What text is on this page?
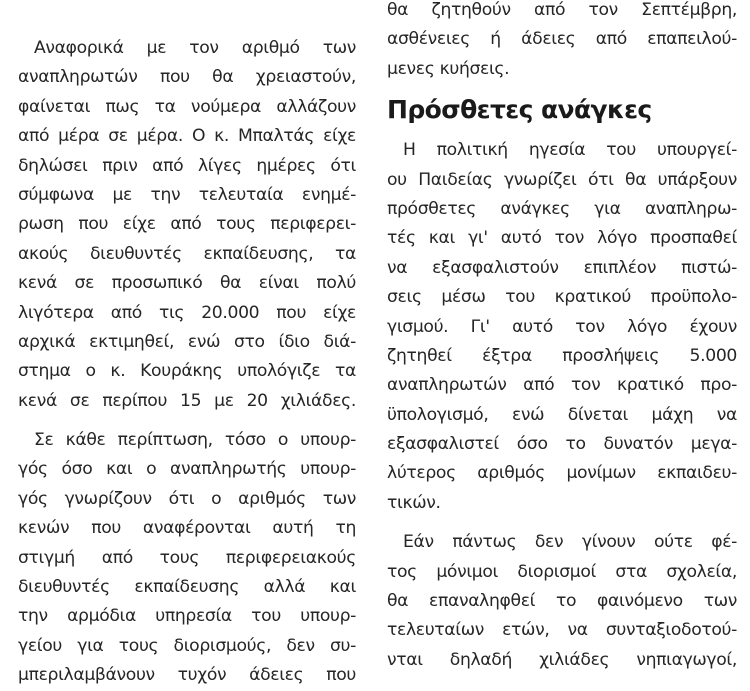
Αναφορικά με τον αριθμό των
αναπληρωτών που θα χρειαστούν,
φαίνεται πως τα νούμερα αλλάζουν
από μέρα σε μέρα. Ο κ. Μπαλτάς είχε
δηλώσει πριν από λίγες ημέρες ότι
σύμφωνα με την τελευταία ενημέ-
ρωση που είχε από τους περιφερει-
ακούς διευθυντές εκπαίδευσης, τα
κενά σε προσωπικό θα είναι πολύ
λιγότερα από τις 20.000 που είχε
αρχικά εκτιμηθεί, ενώ στο ίδιο διά-
στημα ο κ. Κουράκης υπολόγιζε τα
κενά σε περίπου 15 με 20 χιλιάδες.
Σε κάθε περίπτωση, τόσο ο υπουρ-
γός όσο και ο αναπληρωτής υπουρ-
γός γνωρίζουν ότι ο αριθμός των
κενών που αναφέρονται αυτή τη
στιγμή από τους περιφερειακούς
διευθυντές εκπαίδευσης αλλά και
την αρμόδια υπηρεσία του υπουρ-
γείου για τους διορισμούς, δεν συ-
μπεριλαμβάνουν τυχόν άδειες που
θα ζητηθούν από τον Σεπτέμβρη,
ασθένειες ή άδειες από επαπειλού-
μενες κυήσεις.
Πρόσθετες ανάγκες
Η πολιτική ηγεσία του υπουργεί-
ου Παιδείας γνωρίζει ότι θα υπάρξουν
πρόσθετες ανάγκες για αναπληρω-
τές και γι' αυτό τον λόγο προσπαθεί
να εξασφαλιστούν επιπλέον πιστώ-
σεις μέσω του κρατικού προϋπολο-
γισμού. Γι' αυτό τον λόγο έχουν
ζητηθεί έξτρα προσλήψεις 5.000
αναπληρωτών από τον κρατικό προ-
ϋπολογισμό, ενώ δίνεται μάχη να
εξασφαλιστεί όσο το δυνατόν μεγα-
λύτερος αριθμός μονίμων εκπαιδευ-
τικών.
Εάν πάντως δεν γίνουν ούτε φέ-
τος μόνιμοι διορισμοί στα σχολεία,
θα επαναληφθεί το φαινόμενο των
τελευταίων ετών, να συνταξιοδοτού-
νται δηλαδή χιλιάδες νηπιαγωγοί,
